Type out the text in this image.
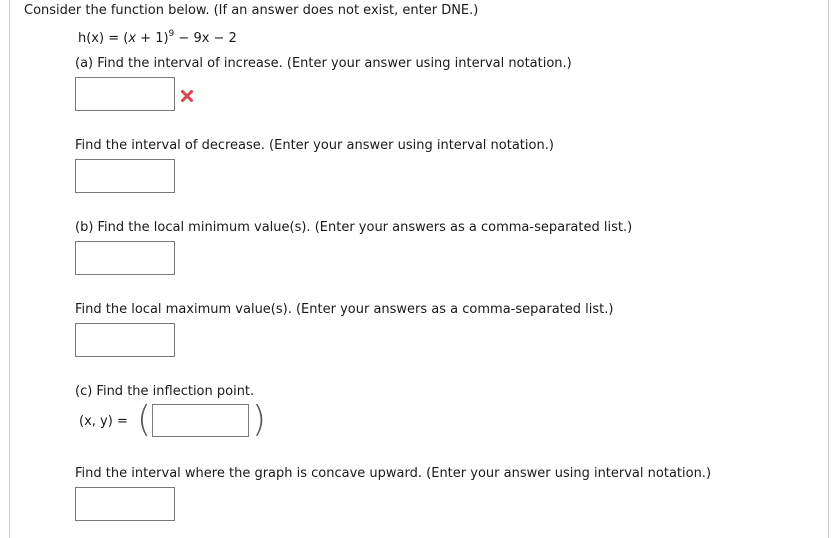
Consider the function below. (If an answer does not exist, enter DNE.)
$h(x) = (x + 1)^9 - 9x - 2$
(a) Find the interval of increase. (Enter your answer using interval notation.)
Find the interval of decrease. (Enter your answer using interval notation.)
(b) Find the local minimum value(s). (Enter your answers as a comma-separated list.)
Find the local maximum value(s). (Enter your answers as a comma-separated list.)
(c) Find the inflection point.
(x, y) = (	)
Find the interval where the graph is concave upward. (Enter your answer using interval notation.)
